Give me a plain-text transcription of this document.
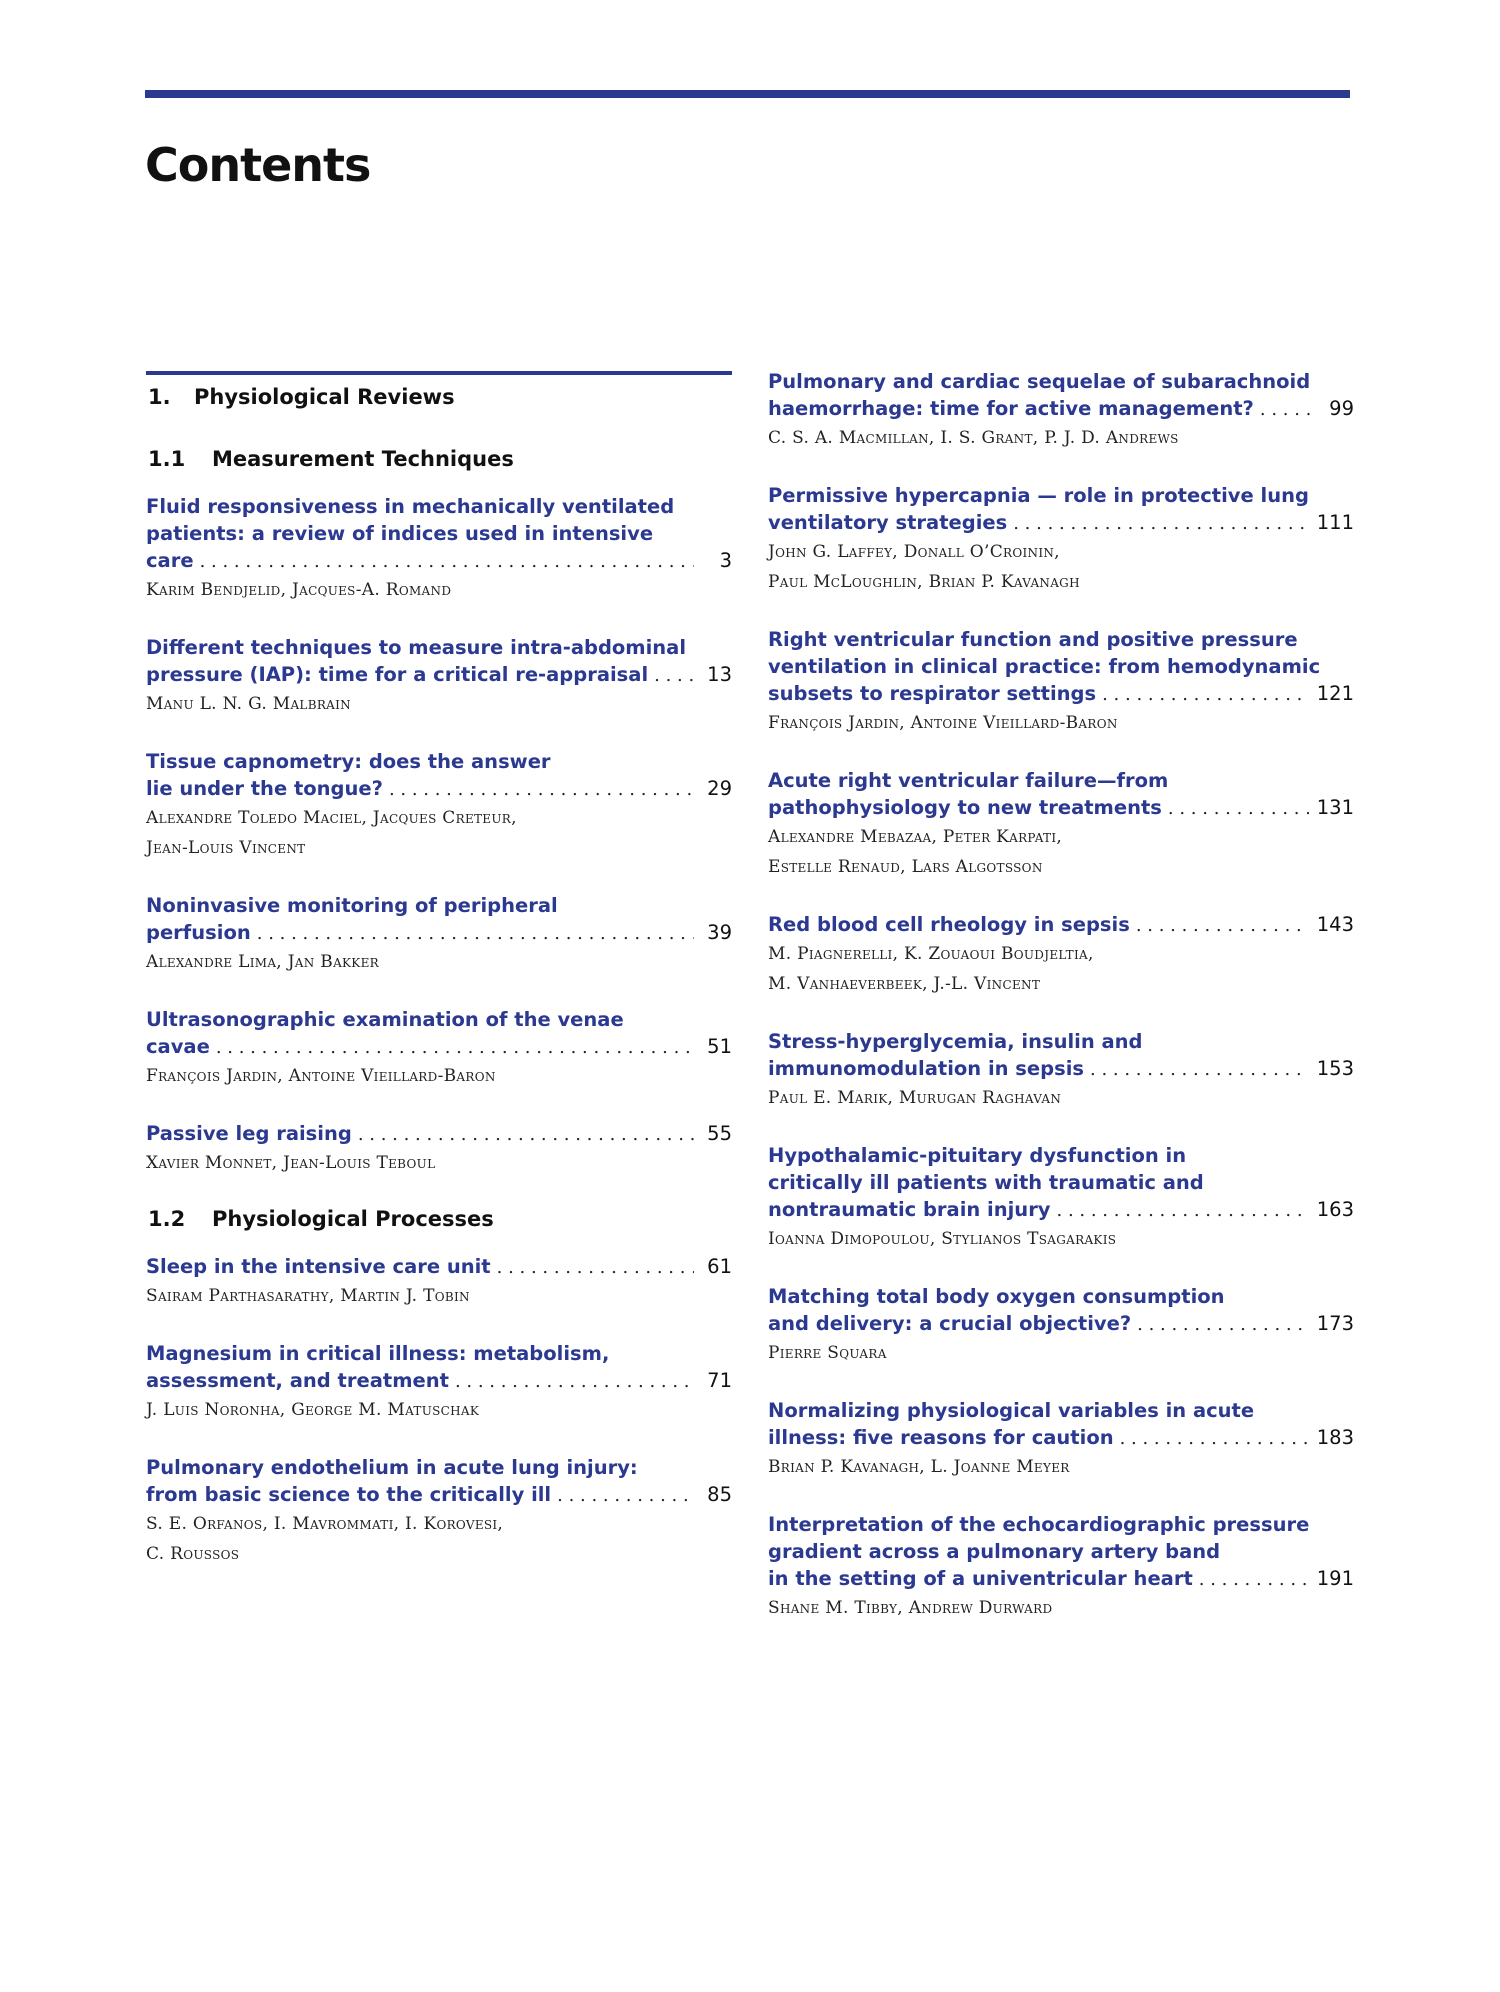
Contents
1.	Physiological Reviews
1.1	Measurement Techniques
Fluid responsiveness in mechanically ventilated
patients: a review of indices used in intensive
care . . .	3
Karim Bendjelid, Jacques-A. Romand
Different techniques to measure intra-abdominal
pressure (IAP): time for a critical re-appraisal . . .	13
Manu L. N. G. Malbrain
Tissue capnometry: does the answer
lie under the tongue? . . .	29
Alexandre Toledo Maciel, Jacques Creteur,
Jean-Louis Vincent
Noninvasive monitoring of peripheral
perfusion . . .	39
Alexandre Lima, Jan Bakker
Ultrasonographic examination of the venae
cavae . . .	51
François Jardin, Antoine Vieillard-Baron
Passive leg raising . . .	55
Xavier Monnet, Jean-Louis Teboul
1.2	Physiological Processes
Sleep in the intensive care unit . . .	61
Sairam Parthasarathy, Martin J. Tobin
Magnesium in critical illness: metabolism,
assessment, and treatment . . .	71
J. Luis Noronha, George M. Matuschak
Pulmonary endothelium in acute lung injury:
from basic science to the critically ill . . .	85
S. E. Orfanos, I. Mavrommati, I. Korovesi,
C. Roussos
Pulmonary and cardiac sequelae of subarachnoid
haemorrhage: time for active management? . . .	99
C. S. A. Macmillan, I. S. Grant, P. J. D. Andrews
Permissive hypercapnia — role in protective lung
ventilatory strategies . . .	111
John G. Laffey, Donall O’Croinin,
Paul McLoughlin, Brian P. Kavanagh
Right ventricular function and positive pressure
ventilation in clinical practice: from hemodynamic
subsets to respirator settings . . .	121
François Jardin, Antoine Vieillard-Baron
Acute right ventricular failure—from
pathophysiology to new treatments . . .	131
Alexandre Mebazaa, Peter Karpati,
Estelle Renaud, Lars Algotsson
Red blood cell rheology in sepsis . . .	143
M. Piagnerelli, K. Zouaoui Boudjeltia,
M. Vanhaeverbeek, J.-L. Vincent
Stress-hyperglycemia, insulin and
immunomodulation in sepsis . . .	153
Paul E. Marik, Murugan Raghavan
Hypothalamic-pituitary dysfunction in
critically ill patients with traumatic and
nontraumatic brain injury . . .	163
Ioanna Dimopoulou, Stylianos Tsagarakis
Matching total body oxygen consumption
and delivery: a crucial objective? . . .	173
Pierre Squara
Normalizing physiological variables in acute
illness: five reasons for caution . . .	183
Brian P. Kavanagh, L. Joanne Meyer
Interpretation of the echocardiographic pressure
gradient across a pulmonary artery band
in the setting of a univentricular heart . . .	191
Shane M. Tibby, Andrew Durward
